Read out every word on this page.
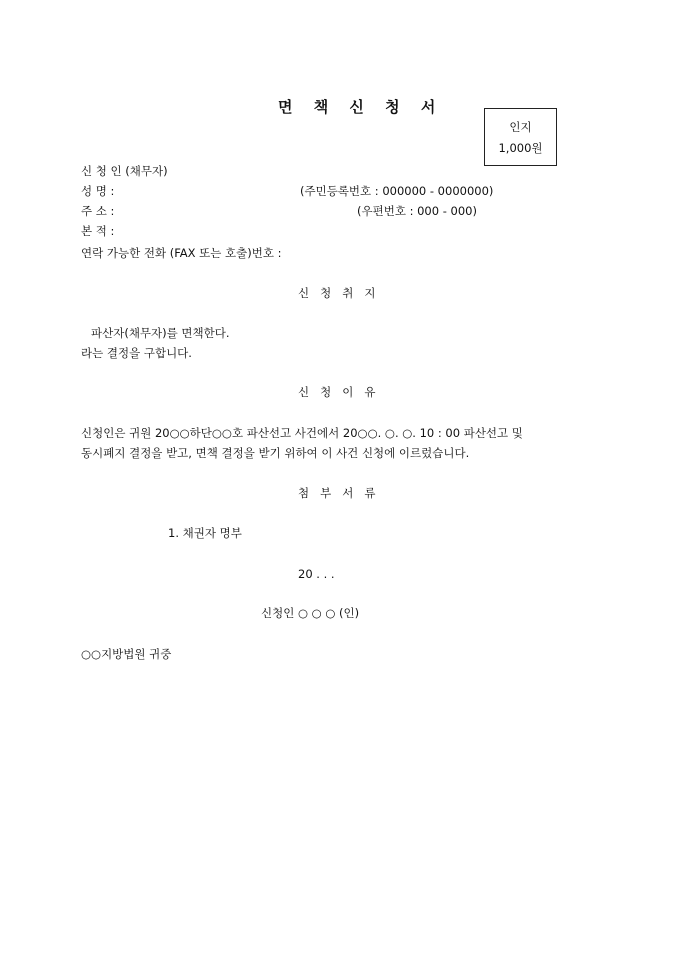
면 책 신 청 서
인지
1,000원
신 청 인 (채무자)
성 명 :	(주민등록번호 : 000000 - 0000000)
주 소 :	(우편번호 : 000 - 000)
본 적 :
연락 가능한 전화 (FAX 또는 호출)번호 :
신청취지
파산자(채무자)를 면책한다.
라는 결정을 구합니다.
신청이유
신청인은 귀원 20○○하단○○호 파산선고 사건에서 20○○. ○. ○. 10 : 00 파산선고 및
동시폐지 결정을 받고, 면책 결정을 받기 위하여 이 사건 신청에 이르렀습니다.
첨부서류
1. 채권자 명부
20 . . .
신청인 ○ ○ ○ (인)
○○지방법원 귀중
